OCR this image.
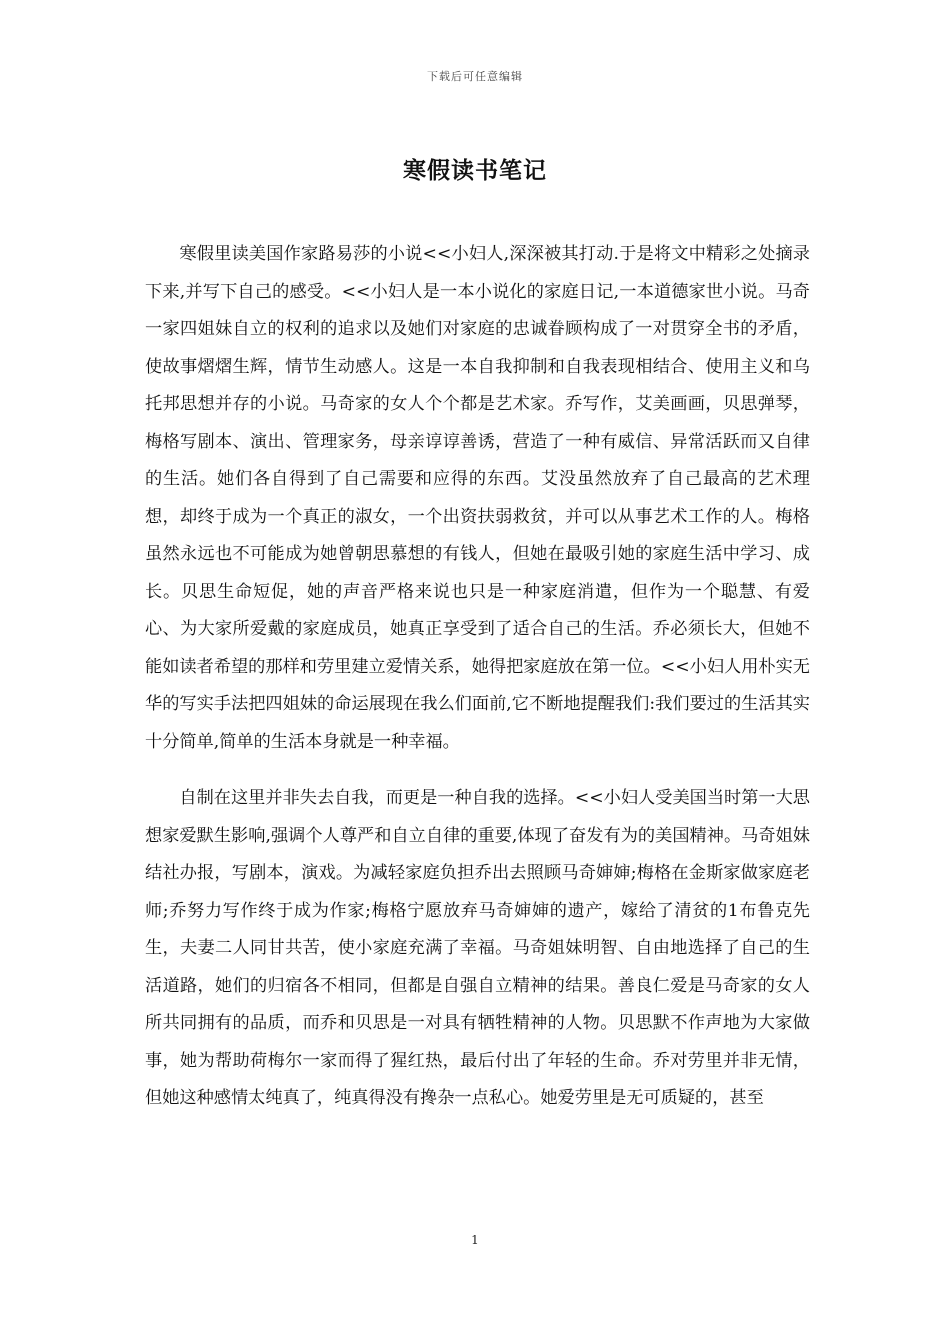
下载后可任意编辑
寒假读书笔记

寒假里读美国作家路易莎的小说<<小妇人,深深被其打动.于是将文中精彩之处摘录下来,并写下自己的感受。<<小妇人是一本小说化的家庭日记,一本道德家世小说。马奇一家四姐妹自立的权利的追求以及她们对家庭的忠诚眷顾构成了一对贯穿全书的矛盾，使故事熠熠生辉，情节生动感人。这是一本自我抑制和自我表现相结合、使用主义和乌托邦思想并存的小说。马奇家的女人个个都是艺术家。乔写作，艾美画画，贝思弹琴，梅格写剧本、演出、管理家务，母亲谆谆善诱，营造了一种有威信、异常活跃而又自律的生活。她们各自得到了自己需要和应得的东西。艾没虽然放弃了自己最高的艺术理想，却终于成为一个真正的淑女，一个出资扶弱救贫，并可以从事艺术工作的人。梅格虽然永远也不可能成为她曾朝思慕想的有钱人，但她在最吸引她的家庭生活中学习、成长。贝思生命短促，她的声音严格来说也只是一种家庭消遣，但作为一个聪慧、有爱心、为大家所爱戴的家庭成员，她真正享受到了适合自己的生活。乔必须长大，但她不能如读者希望的那样和劳里建立爱情关系，她得把家庭放在第一位。<<小妇人用朴实无华的写实手法把四姐妹的命运展现在我么们面前,它不断地提醒我们:我们要过的生活其实十分简单,简单的生活本身就是一种幸福。

自制在这里并非失去自我，而更是一种自我的选择。<<小妇人受美国当时第一大思想家爱默生影响,强调个人尊严和自立自律的重要,体现了奋发有为的美国精神。马奇姐妹结社办报，写剧本，演戏。为减轻家庭负担乔出去照顾马奇婶婶;梅格在金斯家做家庭老师;乔努力写作终于成为作家;梅格宁愿放弃马奇婶婶的遗产，嫁给了清贫的1布鲁克先生，夫妻二人同甘共苦，使小家庭充满了幸福。马奇姐妹明智、自由地选择了自己的生活道路，她们的归宿各不相同，但都是自强自立精神的结果。善良仁爱是马奇家的女人所共同拥有的品质，而乔和贝思是一对具有牺牲精神的人物。贝思默不作声地为大家做事，她为帮助荷梅尔一家而得了猩红热，最后付出了年轻的生命。乔对劳里并非无情，但她这种感情太纯真了，纯真得没有搀杂一点私心。她爱劳里是无可质疑的，甚至

1
